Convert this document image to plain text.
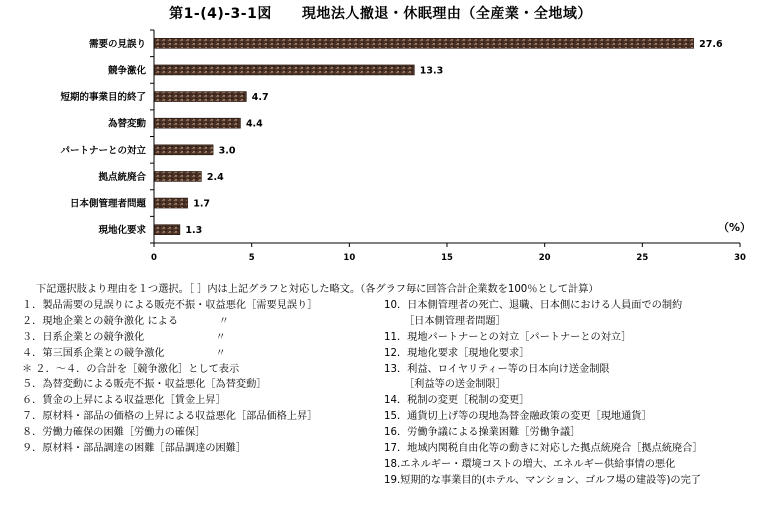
第1-(4)-3-1図 現地法人撤退・休眠理由（全産業・全地域）
0	5	10	15	20	25	30
需要の見誤り	27.6
競争激化	13.3
短期的事業目的終了	4.7
為替変動	4.4
パートナーとの対立	3.0
拠点統廃合	2.4
日本側管理者問題	1.7
現地化要求	1.3	（%）
下記選択肢より理由を１つ選択。［ ］内は上記グラフと対応した略文。（各グラフ毎に回答合計企業数を100％として計算）
１．製品需要の見誤りによる販売不振・収益悪化［需要見誤り］
２．現地企業との競争激化 による　　　　〃
３．日系企業との競争激化　　　　　　　〃
４．第三国系企業との競争激化　　　　　〃
＊ ２．～４．の合計を［競争激化］として表示
５．為替変動による販売不振・収益悪化［為替変動］
６．賃金の上昇による収益悪化［賃金上昇］
７．原材料・部品の価格の上昇による収益悪化［部品価格上昇］
８．労働力確保の困難［労働力の確保］
９．原材料・部品調達の困難［部品調達の困難］
10．日本側管理者の死亡、退職、日本側における人員面での制約
［日本側管理者問題］
11．現地パートナーとの対立［パートナーとの対立］
12．現地化要求［現地化要求］
13．利益、ロイヤリティー等の日本向け送金制限
［利益等の送金制限］
14．税制の変更［税制の変更］
15．通貨切上げ等の現地為替金融政策の変更［現地通貨］
16．労働争議による操業困難［労働争議］
17．地域内関税自由化等の動きに対応した拠点統廃合［拠点統廃合］
18.エネルギー・環境コストの増大、エネルギー供給事情の悪化
19.短期的な事業目的(ホテル、マンション、ゴルフ場の建設等)の完了
